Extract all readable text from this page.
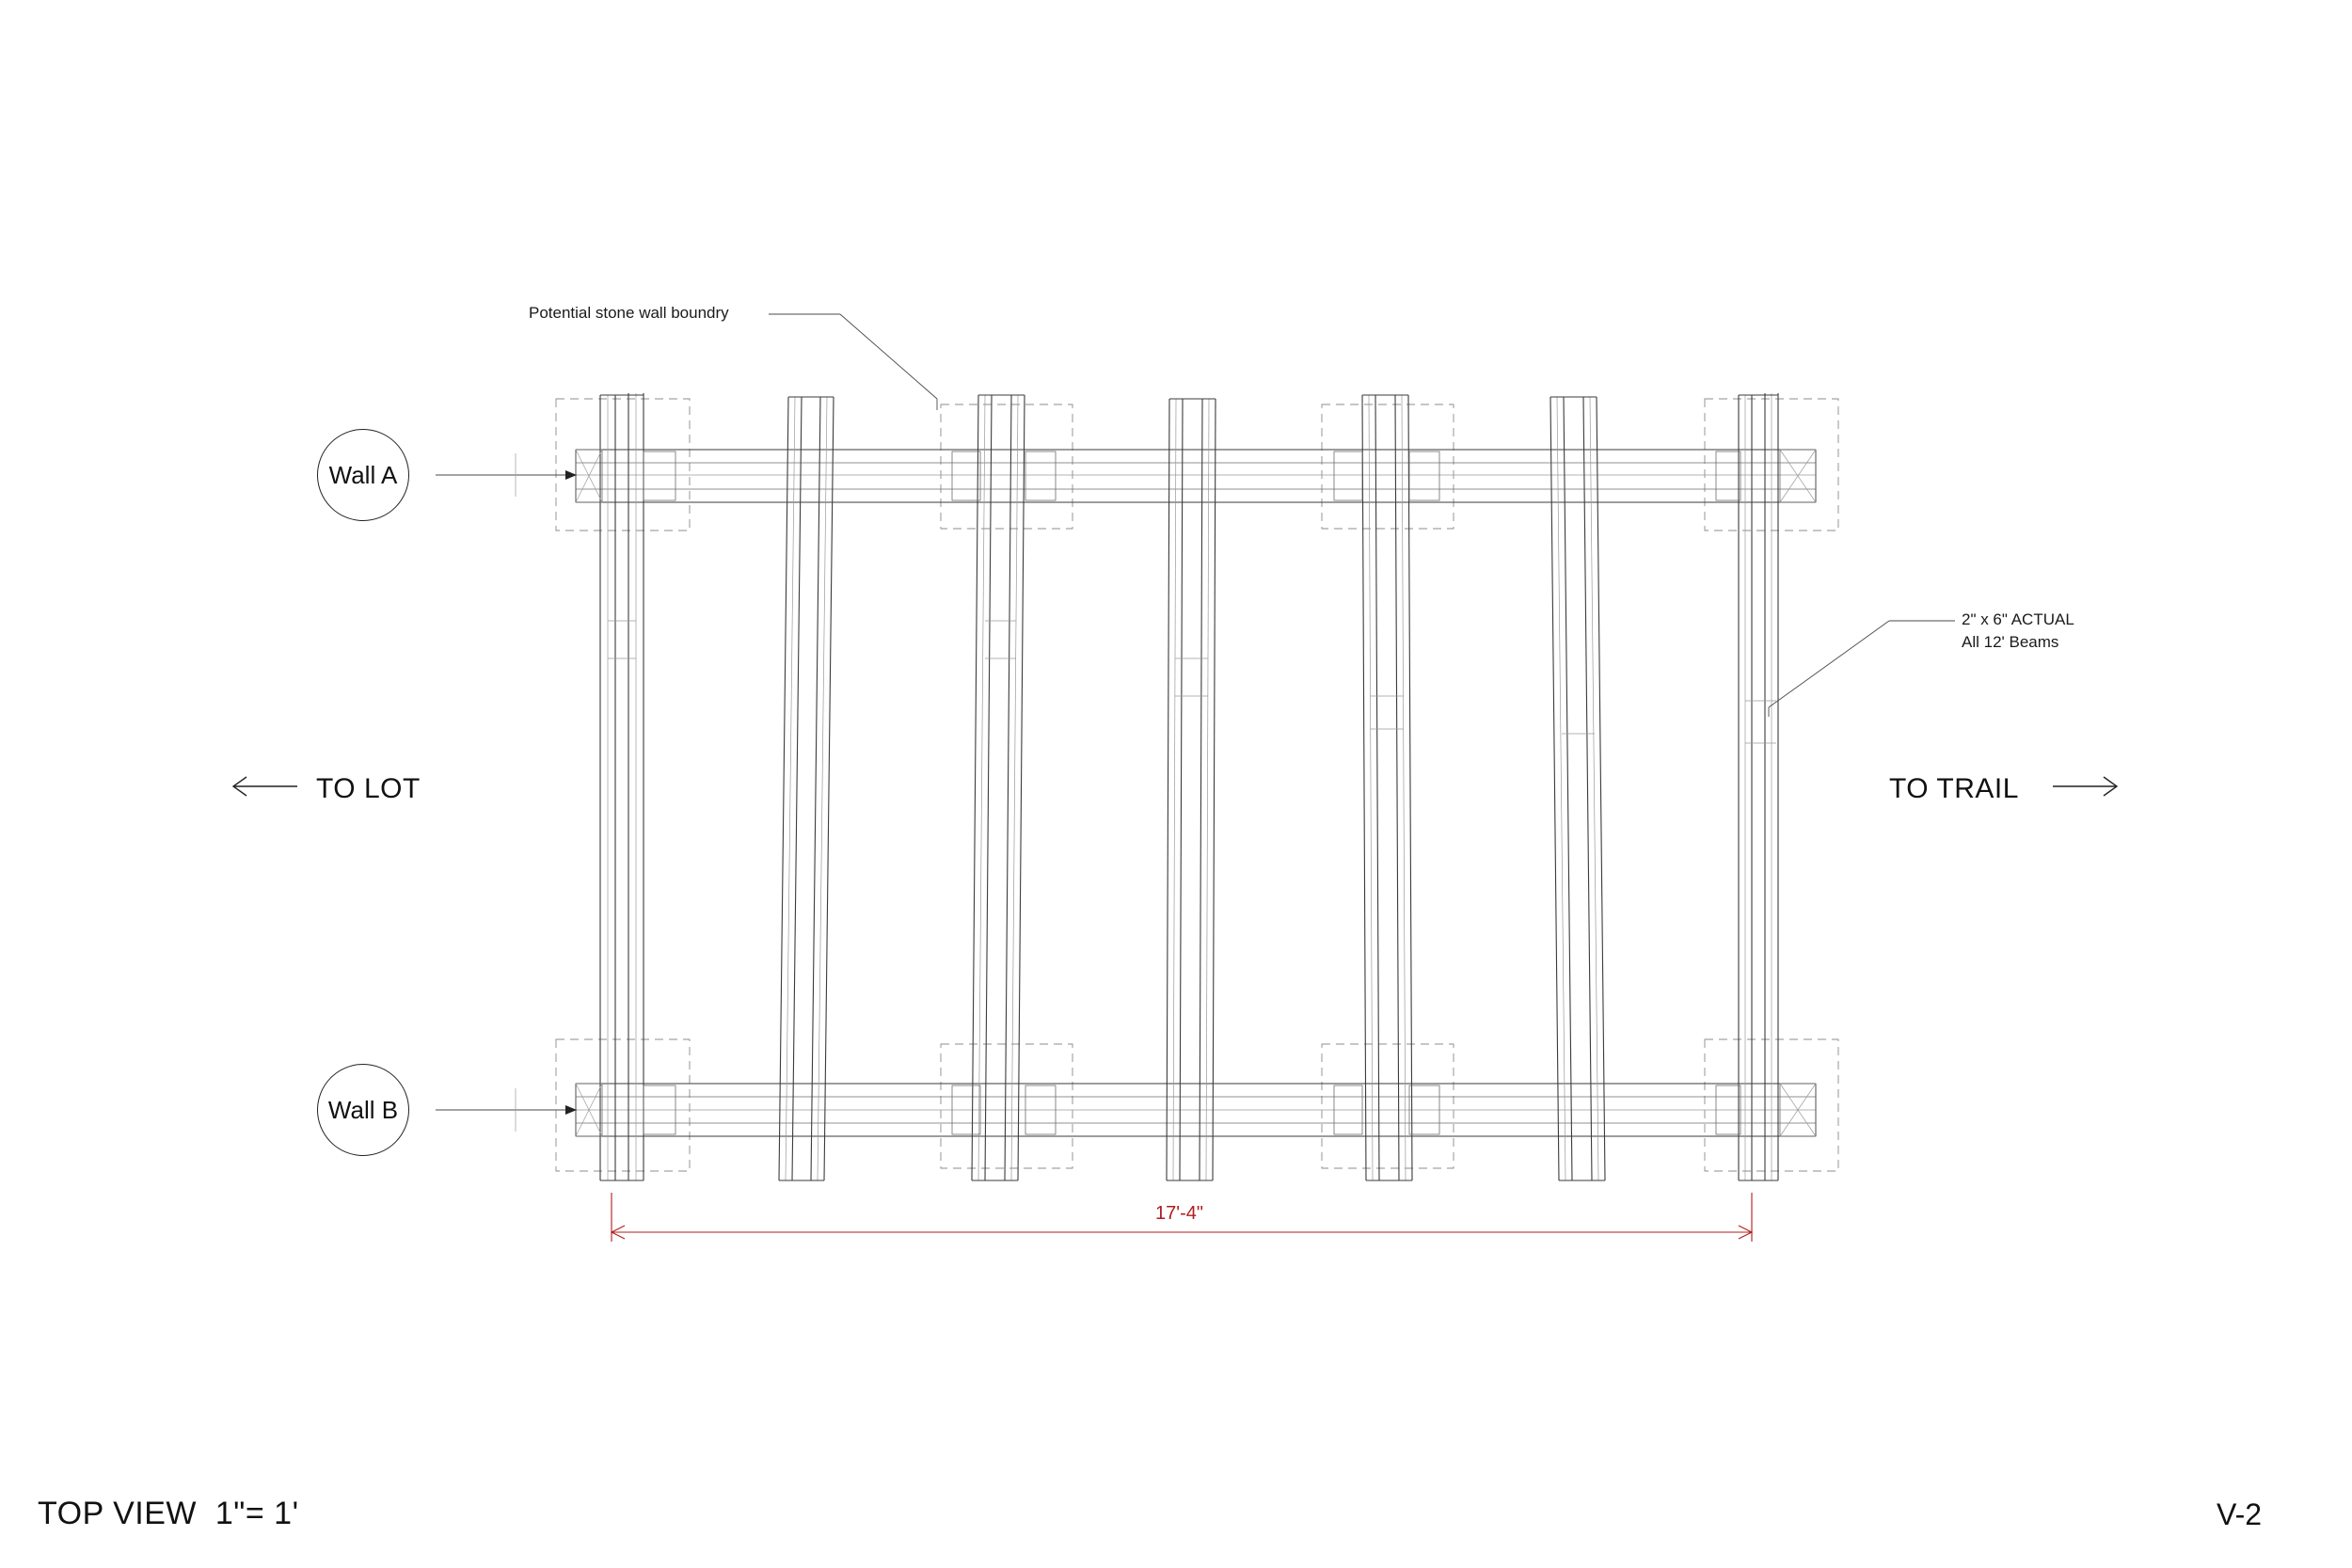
Potential stone wall boundry
2" x 6" ACTUAL
All 12' Beams
Wall A
Wall B
TO LOT	TO TRAIL
17'-4"
TOP VIEW  1"= 1'	V-2
